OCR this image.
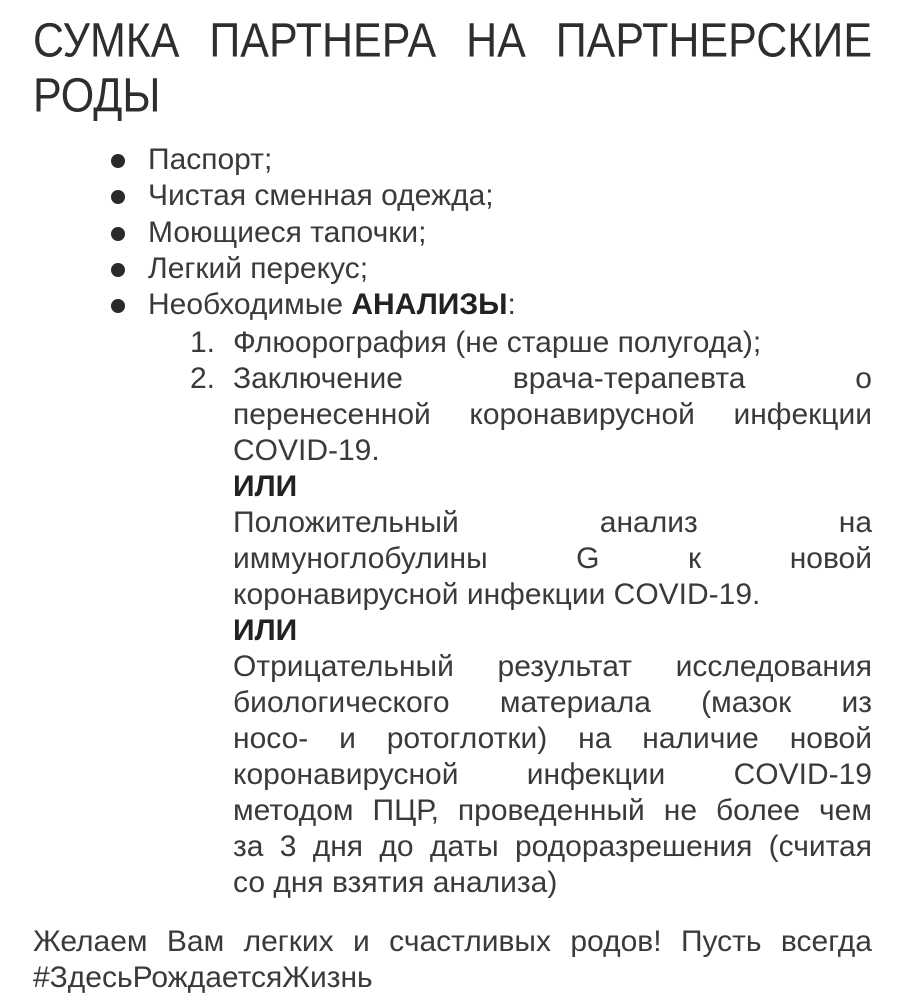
СУМКА ПАРТНЕРА НА ПАРТНЕРСКИЕ
РОДЫ
Паспорт;
Чистая сменная одежда;
Моющиеся тапочки;
Легкий перекус;
Необходимые АНАЛИЗЫ:
1. Флюорография (не старше полугода);
2. Заключение врача-терапевта о
перенесенной коронавирусной инфекции
COVID-19.
ИЛИ
Положительный анализ на
иммуноглобулины G к новой
коронавирусной инфекции COVID-19.
ИЛИ
Отрицательный результат исследования
биологического материала (мазок из
носо- и ротоглотки) на наличие новой
коронавирусной инфекции COVID-19
методом ПЦР, проведенный не более чем
за 3 дня до даты родоразрешения (считая
со дня взятия анализа)
Желаем Вам легких и счастливых родов! Пусть всегда
#ЗдесьРождаетсяЖизнь
